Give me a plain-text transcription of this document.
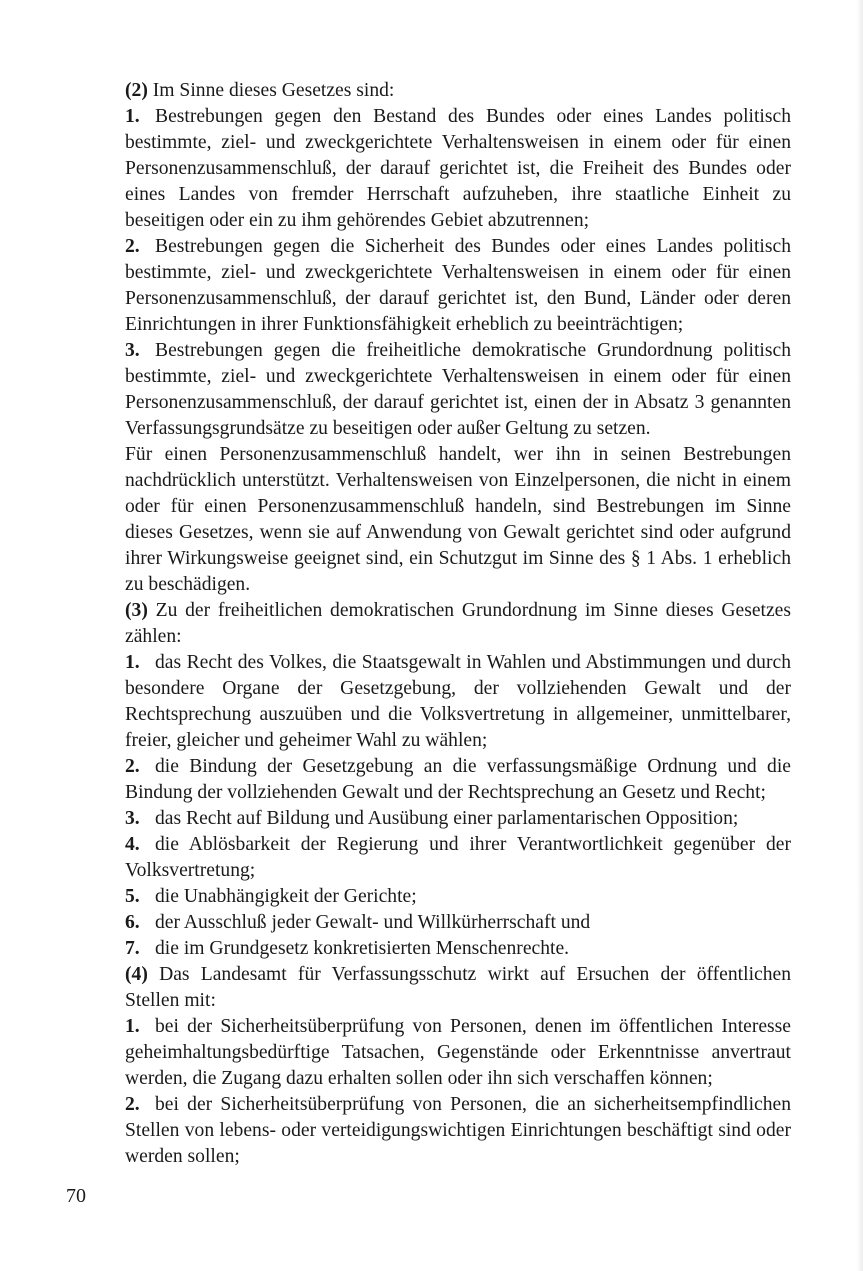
(2) Im Sinne dieses Gesetzes sind:

1. Bestrebungen gegen den Bestand des Bundes oder eines Landes politisch bestimmte, ziel- und zweckgerichtete Verhaltensweisen in einem oder für einen Personenzusammenschluß, der darauf gerichtet ist, die Freiheit des Bundes oder eines Landes von fremder Herrschaft aufzuheben, ihre staatliche Einheit zu beseitigen oder ein zu ihm gehörendes Gebiet abzutrennen;

2. Bestrebungen gegen die Sicherheit des Bundes oder eines Landes politisch bestimmte, ziel- und zweckgerichtete Verhaltensweisen in einem oder für einen Personenzusammenschluß, der darauf gerichtet ist, den Bund, Länder oder deren Einrichtungen in ihrer Funktionsfähigkeit erheblich zu beeinträchtigen;

3. Bestrebungen gegen die freiheitliche demokratische Grundordnung politisch bestimmte, ziel- und zweckgerichtete Verhaltensweisen in einem oder für einen Personenzusammenschluß, der darauf gerichtet ist, einen der in Absatz 3 genannten Verfassungsgrundsätze zu beseitigen oder außer Geltung zu setzen.

Für einen Personenzusammenschluß handelt, wer ihn in seinen Bestrebungen nachdrücklich unterstützt. Verhaltensweisen von Einzelpersonen, die nicht in einem oder für einen Personenzusammenschluß handeln, sind Bestrebungen im Sinne dieses Gesetzes, wenn sie auf Anwendung von Gewalt gerichtet sind oder aufgrund ihrer Wirkungsweise geeignet sind, ein Schutzgut im Sinne des § 1 Abs. 1 erheblich zu beschädigen.

(3) Zu der freiheitlichen demokratischen Grundordnung im Sinne dieses Gesetzes zählen:

1. das Recht des Volkes, die Staatsgewalt in Wahlen und Abstimmungen und durch besondere Organe der Gesetzgebung, der vollziehenden Gewalt und der Rechtsprechung auszuüben und die Volksvertretung in allgemeiner, unmittelbarer, freier, gleicher und geheimer Wahl zu wählen;

2. die Bindung der Gesetzgebung an die verfassungsmäßige Ordnung und die Bindung der vollziehenden Gewalt und der Rechtsprechung an Gesetz und Recht;

3. das Recht auf Bildung und Ausübung einer parlamentarischen Opposition;

4. die Ablösbarkeit der Regierung und ihrer Verantwortlichkeit gegenüber der Volksvertretung;

5. die Unabhängigkeit der Gerichte;

6. der Ausschluß jeder Gewalt- und Willkürherrschaft und

7. die im Grundgesetz konkretisierten Menschenrechte.

(4) Das Landesamt für Verfassungsschutz wirkt auf Ersuchen der öffentlichen Stellen mit:

1. bei der Sicherheitsüberprüfung von Personen, denen im öffentlichen Interesse geheimhaltungsbedürftige Tatsachen, Gegenstände oder Erkenntnisse anvertraut werden, die Zugang dazu erhalten sollen oder ihn sich verschaffen können;

2. bei der Sicherheitsüberprüfung von Personen, die an sicherheitsempfindlichen Stellen von lebens- oder verteidigungswichtigen Einrichtungen beschäftigt sind oder werden sollen;

70
